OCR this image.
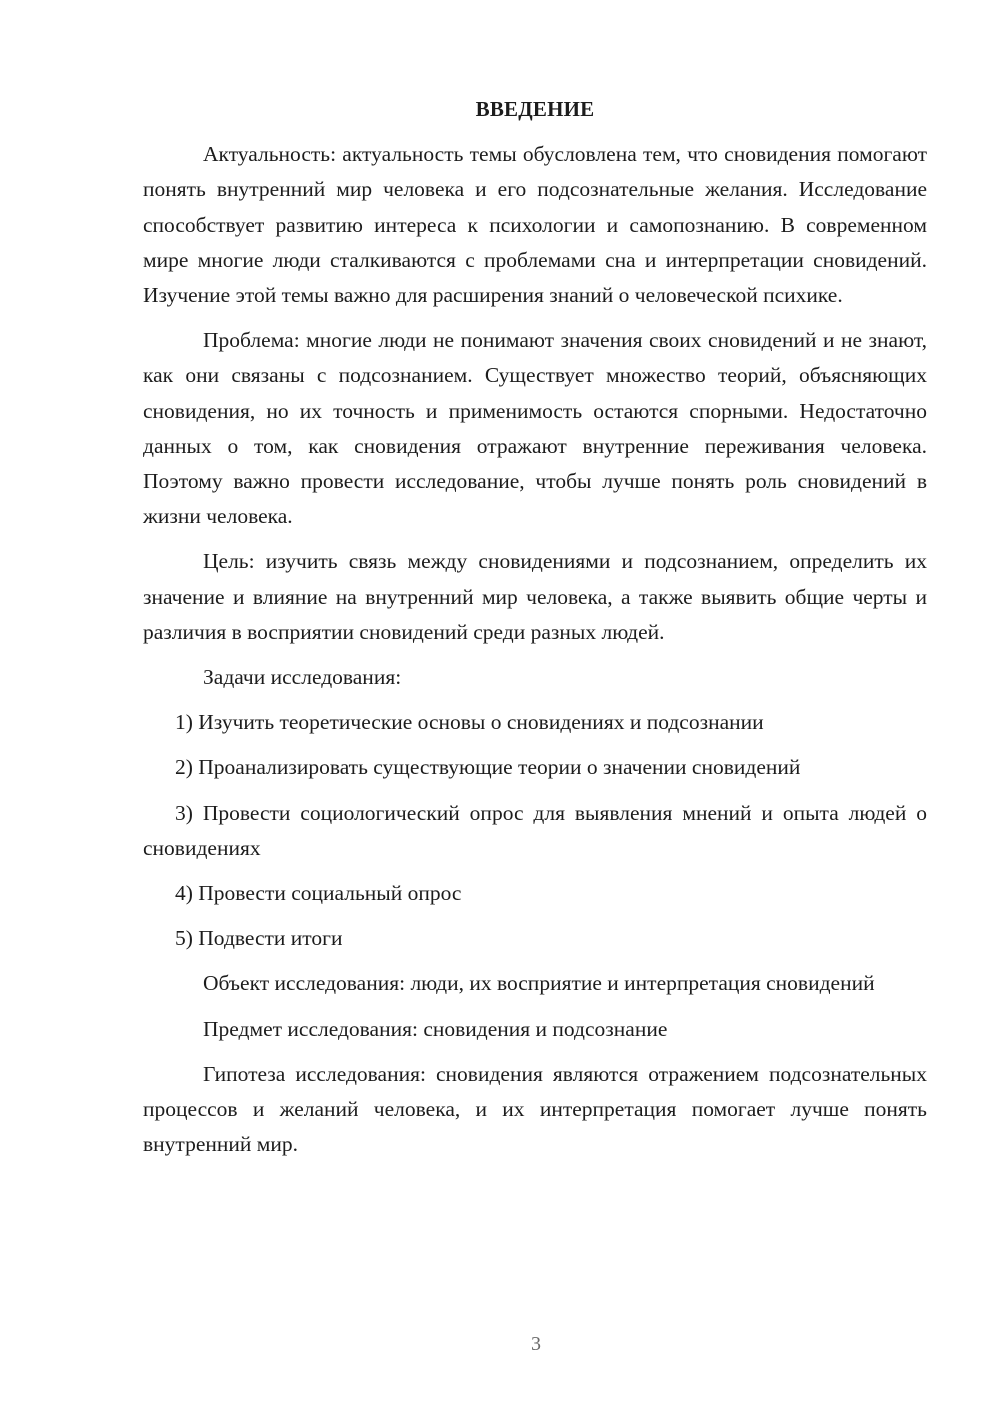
ВВЕДЕНИЕ

Актуальность: актуальность темы обусловлена тем, что сновидения помогают понять внутренний мир человека и его подсознательные желания. Исследование способствует развитию интереса к психологии и самопознанию. В современном мире многие люди сталкиваются с проблемами сна и интерпретации сновидений. Изучение этой темы важно для расширения знаний о человеческой психике.

Проблема: многие люди не понимают значения своих сновидений и не знают, как они связаны с подсознанием. Существует множество теорий, объясняющих сновидения, но их точность и применимость остаются спорными. Недостаточно данных о том, как сновидения отражают внутренние переживания человека. Поэтому важно провести исследование, чтобы лучше понять роль сновидений в жизни человека.

Цель: изучить связь между сновидениями и подсознанием, определить их значение и влияние на внутренний мир человека, а также выявить общие черты и различия в восприятии сновидений среди разных людей.

Задачи исследования:

1) Изучить теоретические основы о сновидениях и подсознании

2) Проанализировать существующие теории о значении сновидений

3) Провести социологический опрос для выявления мнений и опыта людей о сновидениях

4) Провести социальный опрос

5) Подвести итоги

Объект исследования: люди, их восприятие и интерпретация сновидений

Предмет исследования: сновидения и подсознание

Гипотеза исследования: сновидения являются отражением подсознательных процессов и желаний человека, и их интерпретация помогает лучше понять внутренний мир.

3
